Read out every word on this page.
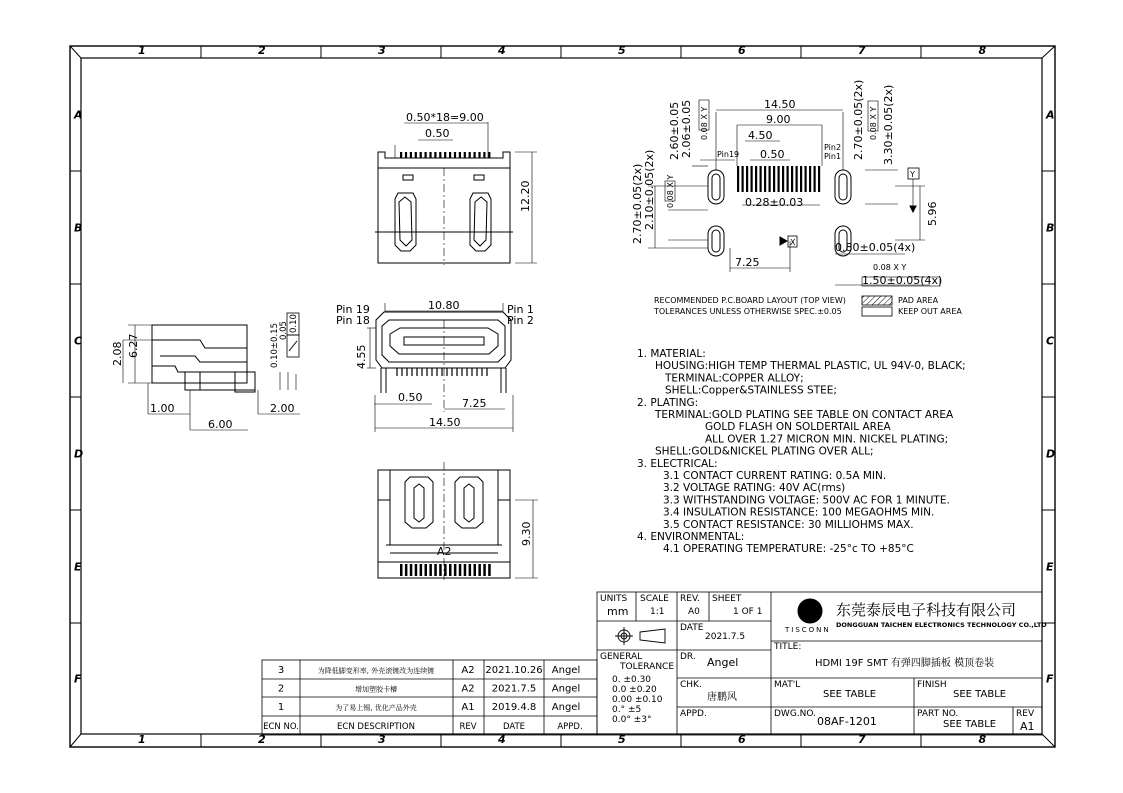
1
1
2
2
3
3
4
4
5
5
6
6
7
7
8
8
A	A
B	B
C	C
D	D
E	E
F	F
0.50*18=9.00
0.50
12.20
2.08 6.27	0.10±0.15 0.05 0.10
1.00
6.00
2.00
10.80
Pin 19
Pin 18
Pin 1
Pin 2
4.55
0.50	7.25
14.50
9.30
A2
14.50
9.00
4.50
0.50
0.28±0.03	5.96
7.25
0.80±0.05(4x)
1.50±0.05(4x)
0.08 X Y
2.06±0.05
2.60±0.05 0.08 X Y
2.70±0.05(2x) 2.10±0.05(2x) 0.08 X Y
2.70±0.05(2x) 3.30±0.05(2x)
0.08 X Y
Pin19
Pin2
Pin1
X
Y
RECOMMENDED P.C.BOARD LAYOUT (TOP VIEW)
TOLERANCES UNLESS OTHERWISE SPEC.±0.05
PAD AREA
KEEP OUT AREA
1. MATERIAL:
HOUSING:HIGH TEMP THERMAL PLASTIC, UL 94V-0, BLACK;
TERMINAL:COPPER ALLOY;
SHELL:Copper&STAINLESS STEE;
2. PLATING:
TERMINAL:GOLD PLATING SEE TABLE ON CONTACT AREA
GOLD FLASH ON SOLDERTAIL AREA
ALL OVER 1.27 MICRON MIN. NICKEL PLATING;
SHELL:GOLD&NICKEL PLATING OVER ALL;
3. ELECTRICAL:
3.1 CONTACT CURRENT RATING: 0.5A MIN.
3.2 VOLTAGE RATING: 40V AC(rms)
3.3 WITHSTANDING VOLTAGE: 500V AC FOR 1 MINUTE.
3.4 INSULATION RESISTANCE: 100 MEGAOHMS MIN.
3.5 CONTACT RESISTANCE: 30 MILLIOHMS MAX.
4. ENVIRONMENTAL:
4.1 OPERATING TEMPERATURE: -25°c TO +85°C
3	为降低脚变形率, 外壳滚镀改为连续镀	A2 2021.10.26 Angel
2	增加塑胶卡槽	A2 2021.7.5 Angel
1	为了易上锡, 优化产品外壳	A1 2019.4.8 Angel
ECN NO.	ECN DESCRIPTION	REV	DATE	APPD.
TS
UNITS
mm
SCALE
1:1
REV.
A0
SHEET
1 OF 1
DATE
2021.7.5
GENERAL
TOLERANCE
0. ±0.30
0.0 ±0.20
0.00 ±0.10
0.° ±5
0.0° ±3°
DR. Angel
CHK.
唐鹏风
APPD.
东莞泰辰电子科技有限公司
DONGGUAN TAICHEN ELECTRONICS TECHNOLOGY CO.,LTD
TISCONN
TITLE:
HDMI 19F SMT 有弹四脚插板 模顶卷装
MAT'L
SEE TABLE
FINISH
SEE TABLE
DWG.NO.
08AF-1201
PART NO.
SEE TABLE
REV
A1
